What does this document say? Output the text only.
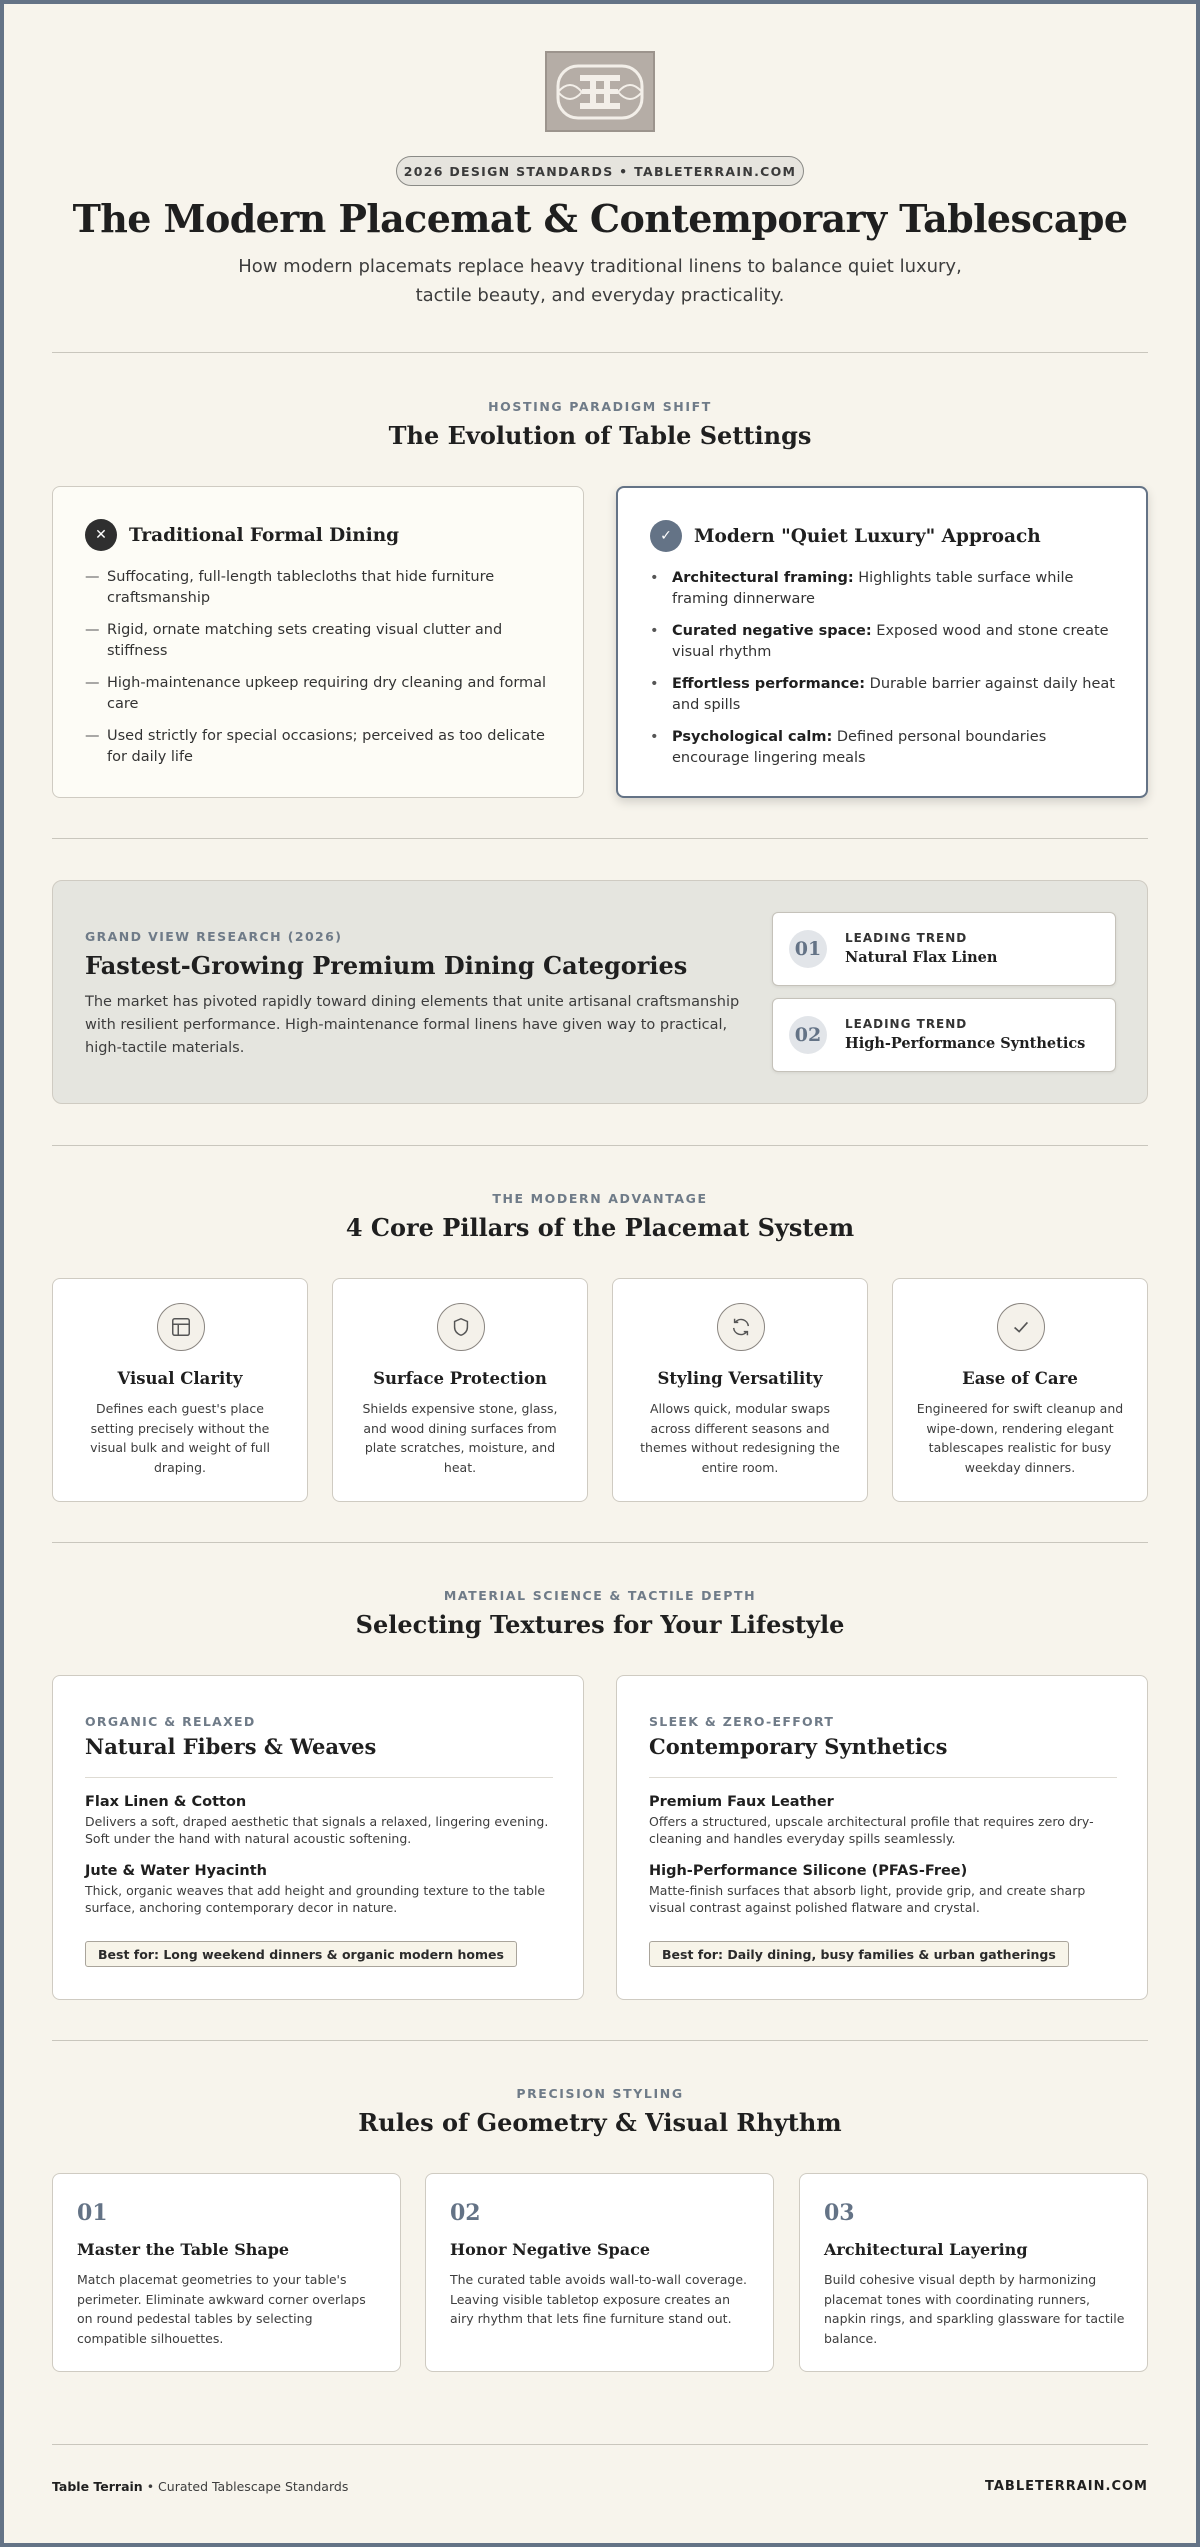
2026 DESIGN STANDARDS • TABLETERRAIN.COM
The Modern Placemat & Contemporary Tablescape
How modern placemats replace heavy traditional linens to balance quiet luxury,
tactile beauty, and everyday practicality.
HOSTING PARADIGM SHIFT
The Evolution of Table Settings
✕	Traditional Formal Dining
— Suffocating, full-length tablecloths that hide furniture craftsmanship
— Rigid, ornate matching sets creating visual clutter and stiffness
— High-maintenance upkeep requiring dry cleaning and formal care
— Used strictly for special occasions; perceived as too delicate for daily life
✓	Modern "Quiet Luxury" Approach
• Architectural framing: Highlights table surface while framing dinnerware
• Curated negative space: Exposed wood and stone create visual rhythm
• Effortless performance: Durable barrier against daily heat and spills
• Psychological calm: Defined personal boundaries encourage lingering meals
GRAND VIEW RESEARCH (2026)
Fastest-Growing Premium Dining Categories
The market has pivoted rapidly toward dining elements that unite artisanal craftsmanship with resilient performance. High-maintenance formal linens have given way to practical, high-tactile materials.
01	LEADING TREND
Natural Flax Linen
02	LEADING TREND
High-Performance Synthetics
THE MODERN ADVANTAGE
4 Core Pillars of the Placemat System
Visual Clarity
Defines each guest's place setting precisely without the visual bulk and weight of full draping.
Surface Protection
Shields expensive stone, glass, and wood dining surfaces from plate scratches, moisture, and heat.
Styling Versatility
Allows quick, modular swaps across different seasons and themes without redesigning the entire room.
Ease of Care
Engineered for swift cleanup and wipe-down, rendering elegant tablescapes realistic for busy weekday dinners.
MATERIAL SCIENCE & TACTILE DEPTH
Selecting Textures for Your Lifestyle
ORGANIC & RELAXED
Natural Fibers & Weaves
Flax Linen & Cotton
Delivers a soft, draped aesthetic that signals a relaxed, lingering evening. Soft under the hand with natural acoustic softening.
Jute & Water Hyacinth
Thick, organic weaves that add height and grounding texture to the table surface, anchoring contemporary decor in nature.
Best for: Long weekend dinners & organic modern homes
SLEEK & ZERO-EFFORT
Contemporary Synthetics
Premium Faux Leather
Offers a structured, upscale architectural profile that requires zero dry-cleaning and handles everyday spills seamlessly.
High-Performance Silicone (PFAS-Free)
Matte-finish surfaces that absorb light, provide grip, and create sharp visual contrast against polished flatware and crystal.
Best for: Daily dining, busy families & urban gatherings
PRECISION STYLING
Rules of Geometry & Visual Rhythm
01
Master the Table Shape
Match placemat geometries to your table's perimeter. Eliminate awkward corner overlaps on round pedestal tables by selecting compatible silhouettes.
02
Honor Negative Space
The curated table avoids wall-to-wall coverage. Leaving visible tabletop exposure creates an airy rhythm that lets fine furniture stand out.
03
Architectural Layering
Build cohesive visual depth by harmonizing placemat tones with coordinating runners, napkin rings, and sparkling glassware for tactile balance.
Table Terrain • Curated Tablescape Standards	TABLETERRAIN.COM
